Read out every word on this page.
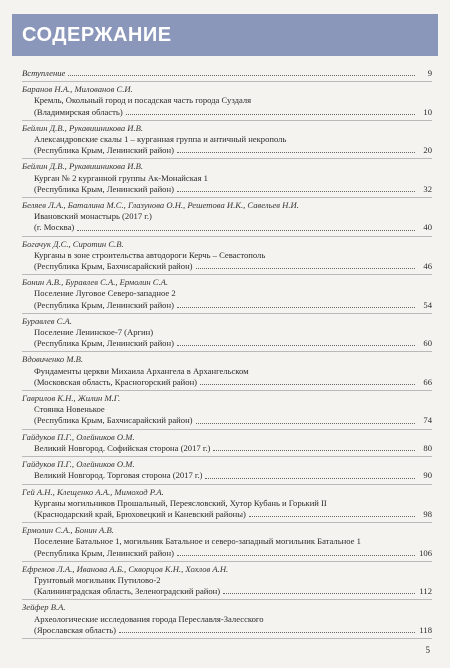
СОДЕРЖАНИЕ
Вступление	9
Баранов Н.А., Милованов С.И.
Кремль, Окольный город и посадская часть города Суздаля
(Владимирская область)	10
Бейлин Д.В., Рукавишникова И.В.
Александровские скалы 1 – курганная группа и античный некрополь
(Республика Крым, Ленинский район)	20
Бейлин Д.В., Рукавишникова И.В.
Курган № 2 курганной группы Ак-Монайская 1
(Республика Крым, Ленинский район)	32
Беляев Л.А., Баталина М.С., Глазунова О.Н., Решетова И.К., Савельев Н.И.
Ивановский монастырь (2017 г.)
(г. Москва)	40
Богачук Д.С., Сиротин С.В.
Курганы в зоне строительства автодороги Керчь – Севастополь
(Республика Крым, Бахчисарайский район)	46
Бонин А.В., Буравлев С.А., Ермолин С.А.
Поселение Луговое Северо-западное 2
(Республика Крым, Ленинский район)	54
Буравлев С.А.
Поселение Ленинское-7 (Аргин)
(Республика Крым, Ленинский район)	60
Вдовиченко М.В.
Фундаменты церкви Михаила Архангела в Архангельском
(Московская область, Красногорский район)	66
Гаврилов К.Н., Жилин М.Г.
Стоянка Новенькое
(Республика Крым, Бахчисарайский район)	74
Гайдуков П.Г., Олейников О.М.
Великий Новгород. Софийская сторона (2017 г.)	80
Гайдуков П.Г., Олейников О.М.
Великий Новгород. Торговая сторона (2017 г.)	90
Гей А.Н., Клещенко А.А., Мимоход Р.А.
Курганы могильников Прошальный, Переясловский, Хутор Кубань и Горький II
(Краснодарский край, Брюховецкий и Каневский районы)	98
Ермолин С.А., Бонин А.В.
Поселение Батальное 1, могильник Батальное и северо-западный могильник Батальное 1
(Республика Крым, Ленинский район)	106
Ефремов Л.А., Иванова А.Б., Скворцов К.Н., Хохлов А.Н.
Грунтовый могильник Путилово-2
(Калининградская область, Зеленоградский район)	112
Зейфер В.А.
Археологические исследования города Переславля-Залесского
(Ярославская область)	118
5
